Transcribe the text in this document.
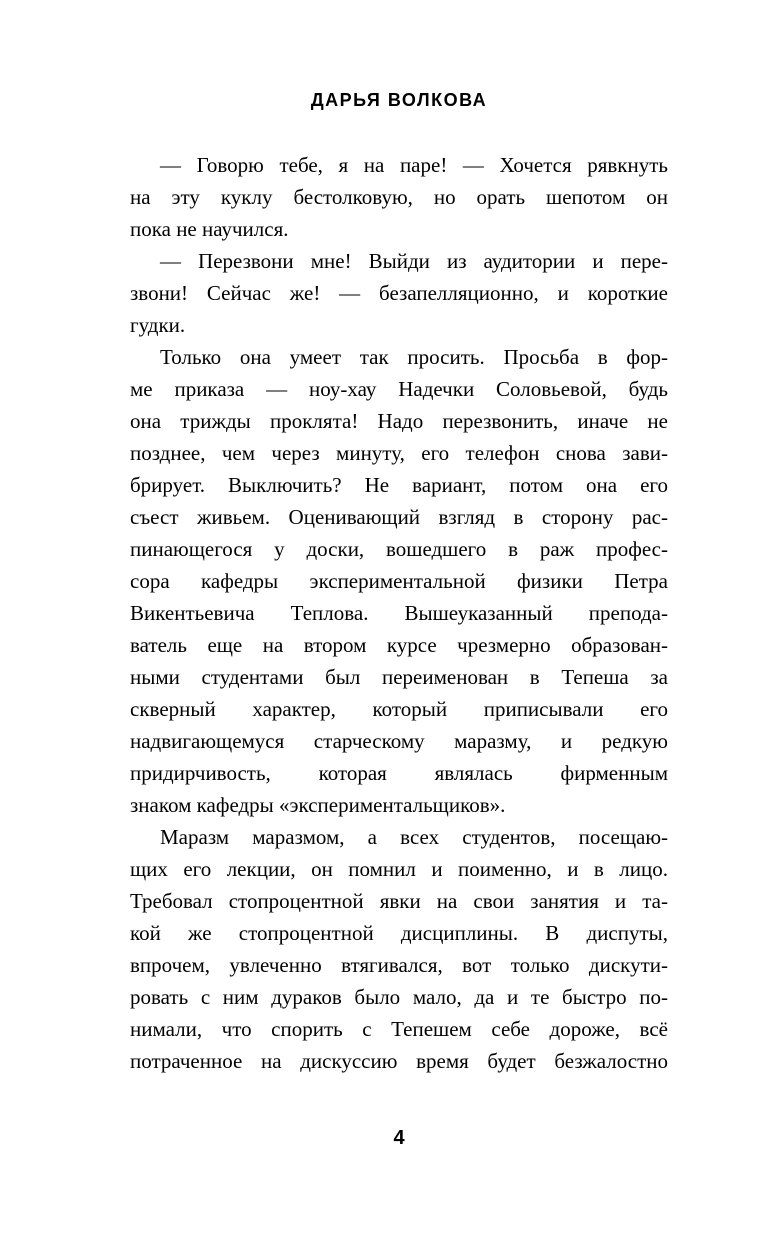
ДАРЬЯ ВОЛКОВА
— Говорю тебе, я на паре! — Хочется рявкнуть
на эту куклу бестолковую, но орать шепотом он
пока не научился.
— Перезвони мне! Выйди из аудитории и пере-
звони! Сейчас же! — безапелляционно, и короткие
гудки.
Только она умеет так просить. Просьба в фор-
ме приказа — ноу-хау Надечки Соловьевой, будь
она трижды проклята! Надо перезвонить, иначе не
позднее, чем через минуту, его телефон снова зави-
брирует. Выключить? Не вариант, потом она его
съест живьем. Оценивающий взгляд в сторону рас-
пинающегося у доски, вошедшего в раж профес-
сора кафедры экспериментальной физики Петра
Викентьевича Теплова. Вышеуказанный препода-
ватель еще на втором курсе чрезмерно образован-
ными студентами был переименован в Тепеша за
скверный характер, который приписывали его
надвигающемуся старческому маразму, и редкую
придирчивость, которая являлась фирменным
знаком кафедры «экспериментальщиков».
Маразм маразмом, а всех студентов, посещаю-
щих его лекции, он помнил и поименно, и в лицо.
Требовал стопроцентной явки на свои занятия и та-
кой же стопроцентной дисциплины. В диспуты,
впрочем, увлеченно втягивался, вот только дискути-
ровать с ним дураков было мало, да и те быстро по-
нимали, что спорить с Тепешем себе дороже, всё
потраченное на дискуссию время будет безжалостно
4
